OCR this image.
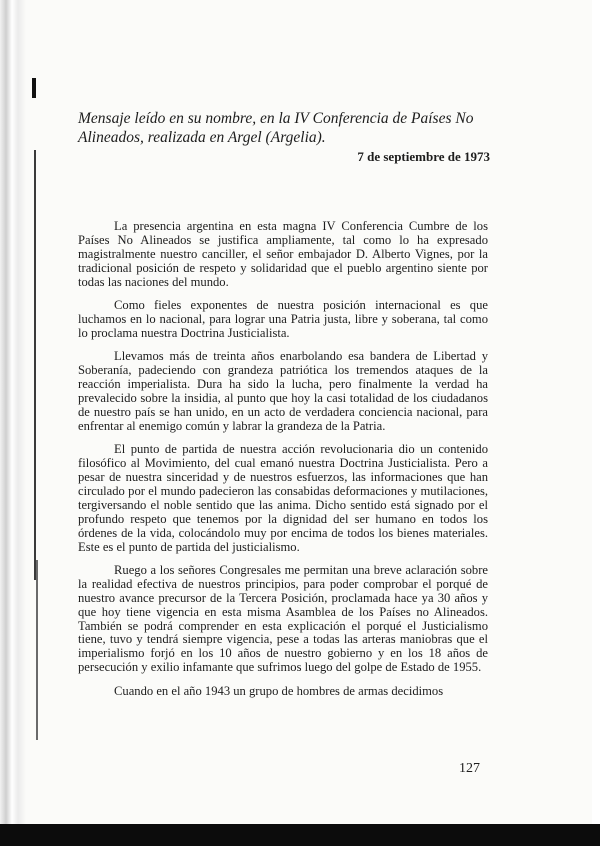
Mensaje leído en su nombre, en la IV Conferencia de Países No Alineados, realizada en Argel (Argelia).

7 de septiembre de 1973

La presencia argentina en esta magna IV Conferencia Cumbre de los Países No Alineados se justifica ampliamente, tal como lo ha expresado magistralmente nuestro canciller, el señor embajador D. Alberto Vignes, por la tradicional posición de respeto y solidaridad que el pueblo argentino siente por todas las naciones del mundo.

Como fieles exponentes de nuestra posición internacional es que luchamos en lo nacional, para lograr una Patria justa, libre y soberana, tal como lo proclama nuestra Doctrina Justicialista.

Llevamos más de treinta años enarbolando esa bandera de Libertad y Soberanía, padeciendo con grandeza patriótica los tremendos ataques de la reacción imperialista. Dura ha sido la lucha, pero finalmente la verdad ha prevalecido sobre la insidia, al punto que hoy la casi totalidad de los ciudadanos de nuestro país se han unido, en un acto de verdadera conciencia nacional, para enfrentar al enemigo común y labrar la grandeza de la Patria.

El punto de partida de nuestra acción revolucionaria dio un contenido filosófico al Movimiento, del cual emanó nuestra Doctrina Justicialista. Pero a pesar de nuestra sinceridad y de nuestros esfuerzos, las informaciones que han circulado por el mundo padecieron las consabidas deformaciones y mutilaciones, tergiversando el noble sentido que las anima. Dicho sentido está signado por el profundo respeto que tenemos por la dignidad del ser humano en todos los órdenes de la vida, colocándolo muy por encima de todos los bienes materiales. Este es el punto de partida del justicialismo.

Ruego a los señores Congresales me permitan una breve aclaración sobre la realidad efectiva de nuestros principios, para poder comprobar el porqué de nuestro avance precursor de la Tercera Posición, proclamada hace ya 30 años y que hoy tiene vigencia en esta misma Asamblea de los Países no Alineados. También se podrá comprender en esta explicación el porqué el Justicialismo tiene, tuvo y tendrá siempre vigencia, pese a todas las arteras maniobras que el imperialismo forjó en los 10 años de nuestro gobierno y en los 18 años de persecución y exilio infamante que sufrimos luego del golpe de Estado de 1955.

Cuando en el año 1943 un grupo de hombres de armas decidimos

127
